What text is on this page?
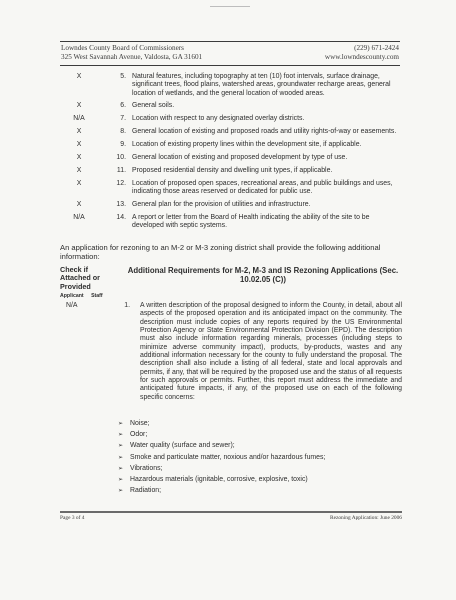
Lowndes County Board of Commissioners
325 West Savannah Avenue, Valdosta, GA 31601
(229) 671-2424
www.lowndescounty.com
X	5. Natural features, including topography at ten (10) foot intervals, surface drainage, significant trees, flood plains, watershed areas, groundwater recharge areas, general location of wetlands, and the general location of wooded areas.
X	6. General soils.
N/A	7. Location with respect to any designated overlay districts.
X	8. General location of existing and proposed roads and utility rights-of-way or easements.
X	9. Location of existing property lines within the development site, if applicable.
X	10. General location of existing and proposed development by type of use.
X	11. Proposed residential density and dwelling unit types, if applicable.
X	12. Location of proposed open spaces, recreational areas, and public buildings and uses, indicating those areas reserved or dedicated for public use.
X	13. General plan for the provision of utilities and infrastructure.
N/A	14. A report or letter from the Board of Health indicating the ability of the site to be developed with septic systems.
An application for rezoning to an M-2 or M-3 zoning district shall provide the following additional information:
Check if Attached or Provided
Applicant Staff
Additional Requirements for M-2, M-3 and IS Rezoning Applications (Sec. 10.02.05 (C))
N/A	1.	A written description of the proposal designed to inform the County, in detail, about all aspects of the proposed operation and its anticipated impact on the community. The description must include copies of any reports required by the US Environmental Protection Agency or State Environmental Protection Division (EPD). The description must also include information regarding minerals, processes (including steps to minimize adverse community impact), products, by-products, wastes and any additional information necessary for the county to fully understand the proposal. The description shall also include a listing of all federal, state and local approvals and permits, if any, that will be required by the proposed use and the status of all requests for such approvals or permits. Further, this report must address the immediate and anticipated future impacts, if any, of the proposed use on each of the following specific concerns:
➢	Noise;
➢	Odor;
➢	Water quality (surface and sewer);
➢	Smoke and particulate matter, noxious and/or hazardous fumes;
➢	Vibrations;
➢	Hazardous materials (ignitable, corrosive, explosive, toxic)
➢	Radiation;
Page 3 of 4	Rezoning Application: June 2006
